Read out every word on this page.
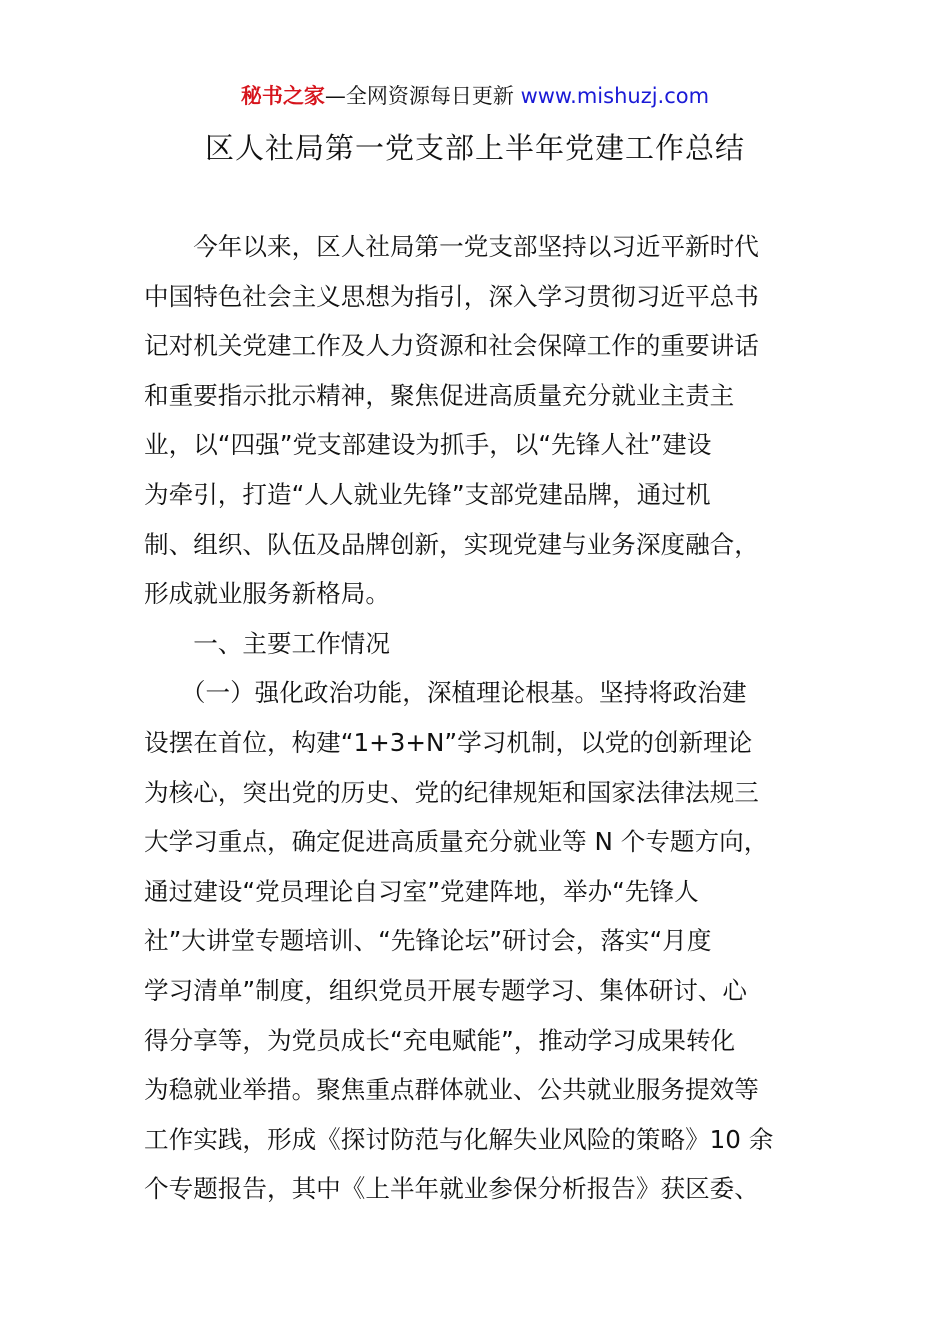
秘书之家—全网资源每日更新 www.mishuzj.com
区人社局第一党支部上半年党建工作总结
　　今年以来，区人社局第一党支部坚持以习近平新时代
中国特色社会主义思想为指引，深入学习贯彻习近平总书
记对机关党建工作及人力资源和社会保障工作的重要讲话
和重要指示批示精神，聚焦促进高质量充分就业主责主
业，以“四强”党支部建设为抓手，以“先锋人社”建设
为牵引，打造“人人就业先锋”支部党建品牌，通过机
制、组织、队伍及品牌创新，实现党建与业务深度融合，
形成就业服务新格局。
　　一、主要工作情况
　　（一）强化政治功能，深植理论根基。坚持将政治建
设摆在首位，构建“1+3+N”学习机制，以党的创新理论
为核心，突出党的历史、党的纪律规矩和国家法律法规三
大学习重点，确定促进高质量充分就业等 N 个专题方向，
通过建设“党员理论自习室”党建阵地，举办“先锋人
社”大讲堂专题培训、“先锋论坛”研讨会，落实“月度
学习清单”制度，组织党员开展专题学习、集体研讨、心
得分享等，为党员成长“充电赋能”，推动学习成果转化
为稳就业举措。聚焦重点群体就业、公共就业服务提效等
工作实践，形成《探讨防范与化解失业风险的策略》10 余
个专题报告，其中《上半年就业参保分析报告》获区委、
